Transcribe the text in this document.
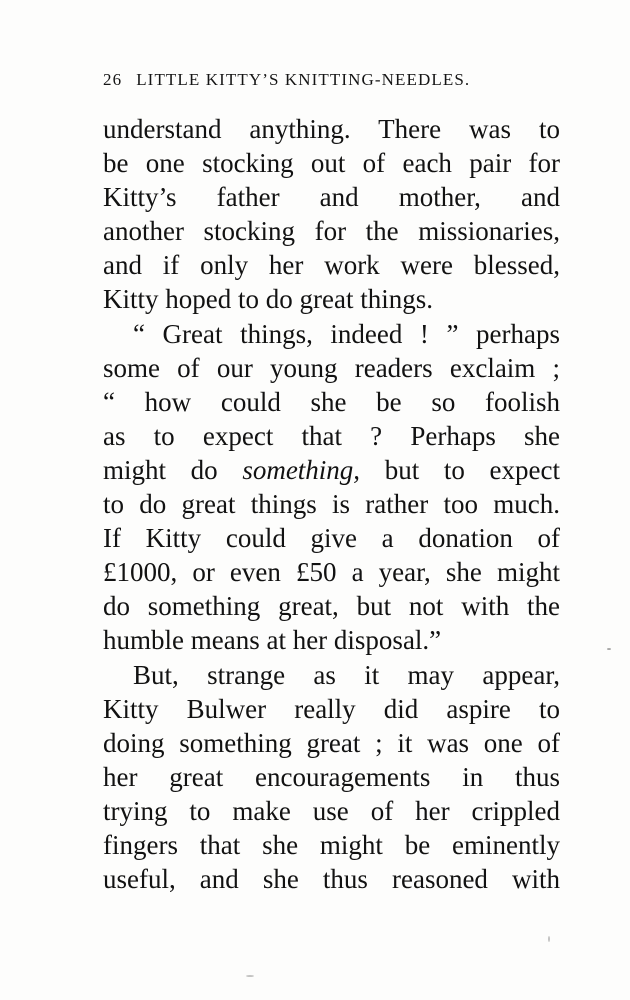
26 LITTLE KITTY’S KNITTING-NEEDLES.
understand anything. There was to
be one stocking out of each pair for
Kitty’s father and mother, and
another stocking for the missionaries,
and if only her work were blessed,
Kitty hoped to do great things.
“ Great things, indeed ! ” perhaps
some of our young readers exclaim ;
“ how could she be so foolish
as to expect that ? Perhaps she
might do something, but to expect
to do great things is rather too much.
If Kitty could give a donation of
£1000, or even £50 a year, she might
do something great, but not with the
humble means at her disposal.”
But, strange as it may appear,
Kitty Bulwer really did aspire to
doing something great ; it was one of
her great encouragements in thus
trying to make use of her crippled
fingers that she might be eminently
useful, and she thus reasoned with
